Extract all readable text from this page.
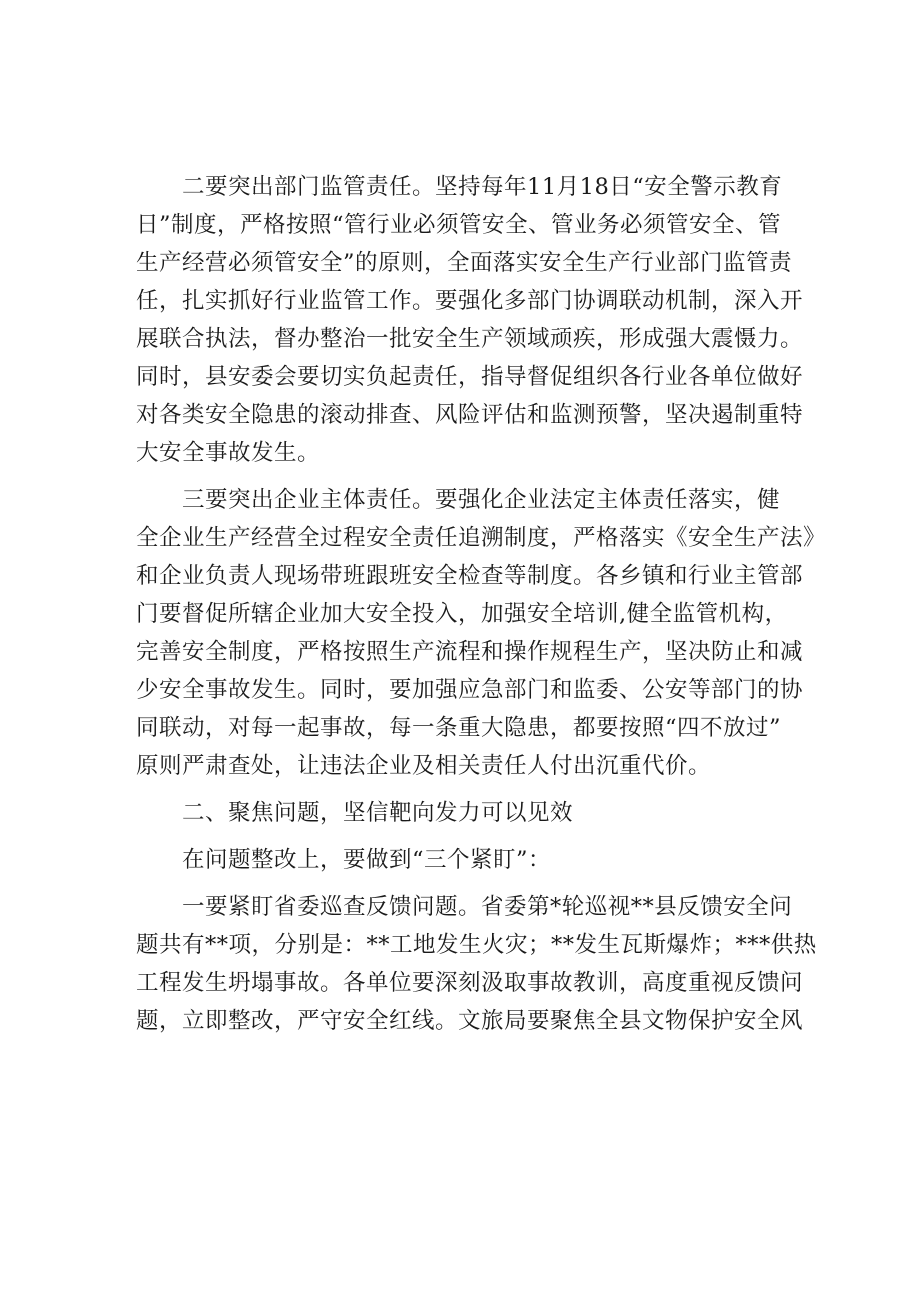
二要突出部门监管责任。坚持每年11月18日“安全警示教育
日”制度，严格按照“管行业必须管安全、管业务必须管安全、管
生产经营必须管安全”的原则，全面落实安全生产行业部门监管责
任，扎实抓好行业监管工作。要强化多部门协调联动机制，深入开
展联合执法，督办整治一批安全生产领域顽疾，形成强大震慑力。
同时，县安委会要切实负起责任，指导督促组织各行业各单位做好
对各类安全隐患的滚动排查、风险评估和监测预警，坚决遏制重特
大安全事故发生。
三要突出企业主体责任。要强化企业法定主体责任落实，健
全企业生产经营全过程安全责任追溯制度，严格落实《安全生产法》
和企业负责人现场带班跟班安全检查等制度。各乡镇和行业主管部
门要督促所辖企业加大安全投入，加强安全培训,健全监管机构，
完善安全制度，严格按照生产流程和操作规程生产，坚决防止和减
少安全事故发生。同时，要加强应急部门和监委、公安等部门的协
同联动，对每一起事故，每一条重大隐患，都要按照“四不放过”
原则严肃查处，让违法企业及相关责任人付出沉重代价。
二、聚焦问题，坚信靶向发力可以见效
在问题整改上，要做到“三个紧盯”：
一要紧盯省委巡查反馈问题。省委第*轮巡视**县反馈安全问
题共有**项，分别是：**工地发生火灾；**发生瓦斯爆炸；***供热
工程发生坍塌事故。各单位要深刻汲取事故教训，高度重视反馈问
题，立即整改，严守安全红线。文旅局要聚焦全县文物保护安全风
